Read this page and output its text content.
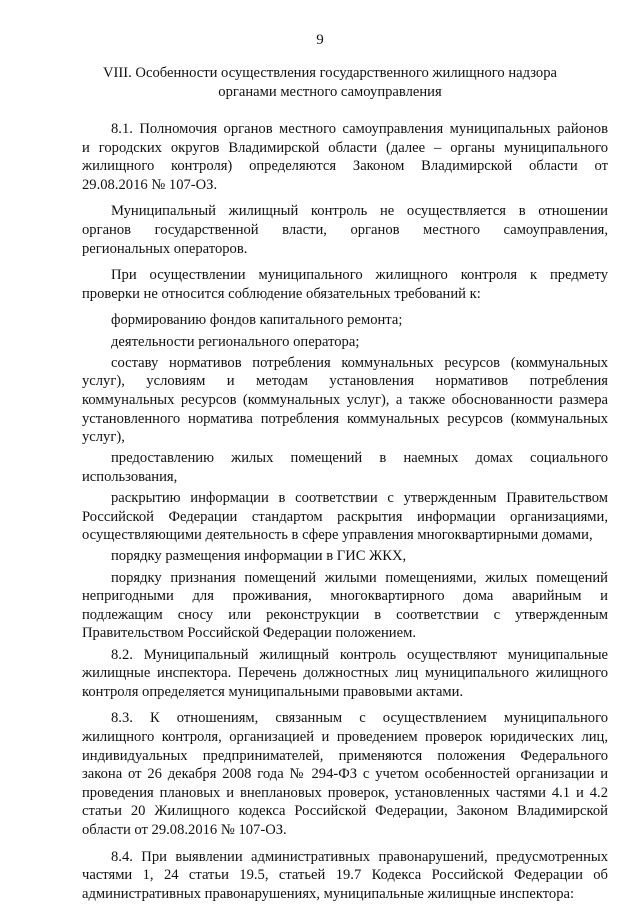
9
VIII. Особенности осуществления государственного жилищного надзора
органами местного самоуправления
8.1. Полномочия органов местного самоуправления муниципальных районов
и городских округов Владимирской области (далее – органы муниципального
жилищного контроля) определяются Законом Владимирской области от
29.08.2016 № 107-ОЗ.
Муниципальный жилищный контроль не осуществляется в отношении
органов государственной власти, органов местного самоуправления,
региональных операторов.
При осуществлении муниципального жилищного контроля к предмету
проверки не относится соблюдение обязательных требований к:
формированию фондов капитального ремонта;
деятельности регионального оператора;
составу нормативов потребления коммунальных ресурсов (коммунальных
услуг), условиям и методам установления нормативов потребления
коммунальных ресурсов (коммунальных услуг), а также обоснованности размера
установленного норматива потребления коммунальных ресурсов (коммунальных
услуг),
предоставлению жилых помещений в наемных домах социального
использования,
раскрытию информации в соответствии с утвержденным Правительством
Российской Федерации стандартом раскрытия информации организациями,
осуществляющими деятельность в сфере управления многоквартирными домами,
порядку размещения информации в ГИС ЖКХ,
порядку признания помещений жилыми помещениями, жилых помещений
непригодными для проживания, многоквартирного дома аварийным и
подлежащим сносу или реконструкции в соответствии с утвержденным
Правительством Российской Федерации положением.
8.2. Муниципальный жилищный контроль осуществляют муниципальные
жилищные инспектора. Перечень должностных лиц муниципального жилищного
контроля определяется муниципальными правовыми актами.
8.3. К отношениям, связанным с осуществлением муниципального
жилищного контроля, организацией и проведением проверок юридических лиц,
индивидуальных предпринимателей, применяются положения Федерального
закона от 26 декабря 2008 года № 294-ФЗ с учетом особенностей организации и
проведения плановых и внеплановых проверок, установленных частями 4.1 и 4.2
статьи 20 Жилищного кодекса Российской Федерации, Законом Владимирской
области от 29.08.2016 № 107-ОЗ.
8.4. При выявлении административных правонарушений, предусмотренных
частями 1, 24 статьи 19.5, статьей 19.7 Кодекса Российской Федерации об
административных правонарушениях, муниципальные жилищные инспектора:
